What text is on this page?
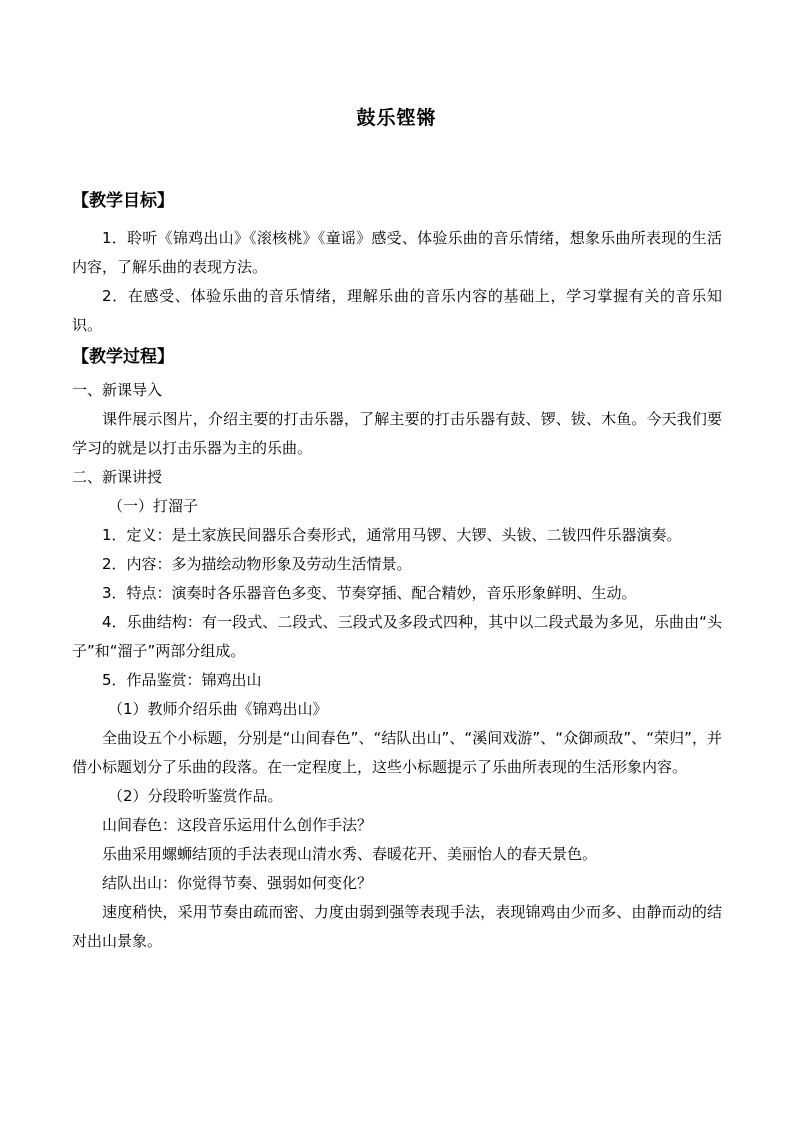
鼓乐铿锵

【教学目标】

1．聆听《锦鸡出山》《滚核桃》《童谣》感受、体验乐曲的音乐情绪，想象乐曲所表现的生活内容，了解乐曲的表现方法。

2．在感受、体验乐曲的音乐情绪，理解乐曲的音乐内容的基础上，学习掌握有关的音乐知识。

【教学过程】

一、新课导入

课件展示图片，介绍主要的打击乐器，了解主要的打击乐器有鼓、锣、钹、木鱼。今天我们要学习的就是以打击乐器为主的乐曲。

二、新课讲授

（一）打溜子

1．定义：是土家族民间器乐合奏形式，通常用马锣、大锣、头钹、二钹四件乐器演奏。

2．内容：多为描绘动物形象及劳动生活情景。

3．特点：演奏时各乐器音色多变、节奏穿插、配合精妙，音乐形象鲜明、生动。

4．乐曲结构：有一段式、二段式、三段式及多段式四种，其中以二段式最为多见，乐曲由“头子”和“溜子”两部分组成。

5．作品鉴赏：锦鸡出山

（1）教师介绍乐曲《锦鸡出山》

全曲设五个小标题，分别是“山间春色”、“结队出山”、“溪间戏游”、“众御顽敌”、“荣归”，并借小标题划分了乐曲的段落。在一定程度上，这些小标题提示了乐曲所表现的生活形象内容。

（2）分段聆听鉴赏作品。

山间春色：这段音乐运用什么创作手法？

乐曲采用螺蛳结顶的手法表现山清水秀、春暖花开、美丽怡人的春天景色。

结队出山：你觉得节奏、强弱如何变化？

速度稍快，采用节奏由疏而密、力度由弱到强等表现手法，表现锦鸡由少而多、由静而动的结对出山景象。
